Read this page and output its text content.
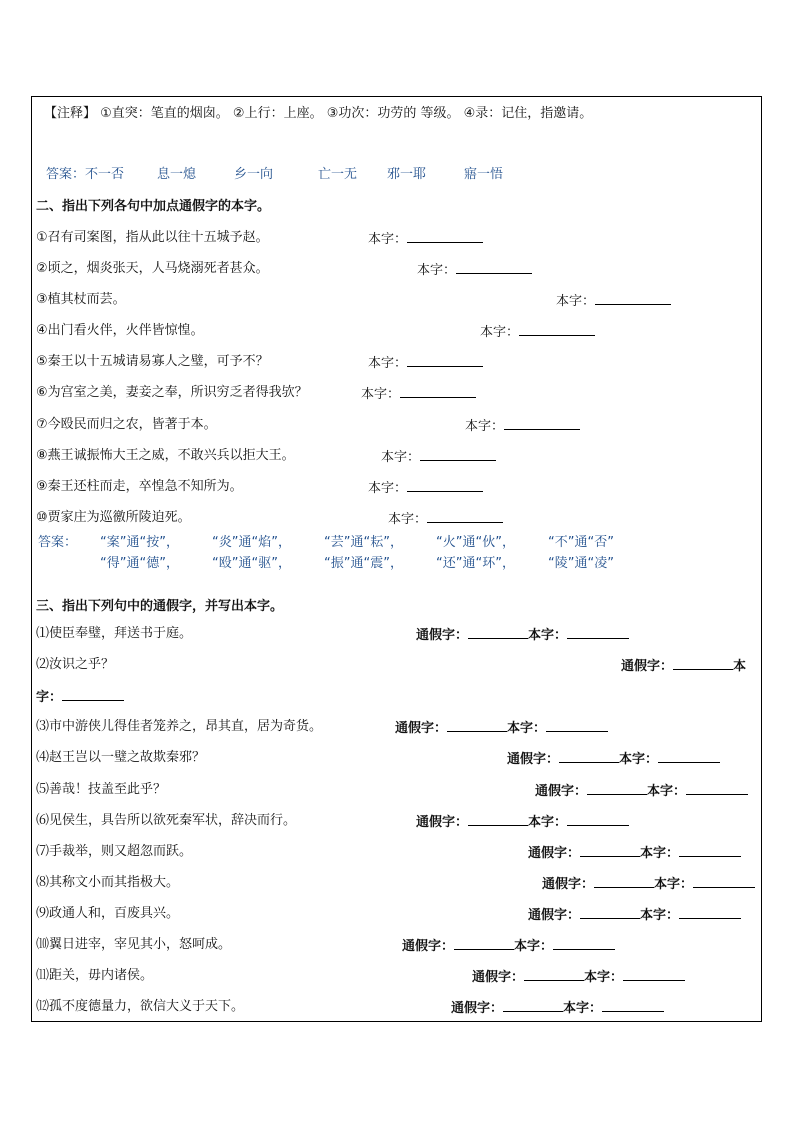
【注释】 ①直突：笔直的烟囱。 ②上行：上座。 ③功次：功劳的 等级。 ④录：记住，指邀请。
答案：不一否	息一熄	乡一向	亡一无 邪一耶	寤一悟
二、指出下列各句中加点通假字的本字。
①召有司案图，指从此以往十五城予赵。	本字：
②顷之，烟炎张天，人马烧溺死者甚众。	本字：
③植其杖而芸。	本字：
④出门看火伴，火伴皆惊惶。	本字：
⑤秦王以十五城请易寡人之璧，可予不？	本字：
⑥为宫室之美，妻妾之奉，所识穷乏者得我欤？	本字：
⑦今殴民而归之农，皆著于本。	本字：
⑧燕王诚振怖大王之威，不敢兴兵以拒大王。	本字：
⑨秦王还柱而走，卒惶急不知所为。	本字：
⑩贾家庄为巡徼所陵迫死。	本字：
答案： “案”通“按”，	“炎”通“焰”，	“芸”通“耘”，	“火”通“伙”，	“不”通“否”
“得”通“德”，	“殴”通“驱”，	“振”通“震”，	“还”通“环”，	“陵”通“凌”
三、指出下列句中的通假字，并写出本字。
⑴使臣奉璧，拜送书于庭。	通假字：	本字：
⑵汝识之乎？	通假字：	本
字：
⑶市中游侠儿得佳者笼养之，昂其直，居为奇货。	通假字：	本字：
⑷赵王岂以一璧之故欺秦邪？	通假字：	本字：
⑸善哉！技盖至此乎？	通假字：	本字：
⑹见侯生，具告所以欲死秦军状，辞决而行。	通假字：	本字：
⑺手裁举，则又超忽而跃。	通假字：	本字：
⑻其称文小而其指极大。	通假字：	本字：
⑼政通人和，百废具兴。	通假字：	本字：
⑽翼日进宰，宰见其小，怒呵成。	通假字：	本字：
⑾距关，毋内诸侯。	通假字：	本字：
⑿孤不度德量力，欲信大义于天下。	通假字：	本字：
